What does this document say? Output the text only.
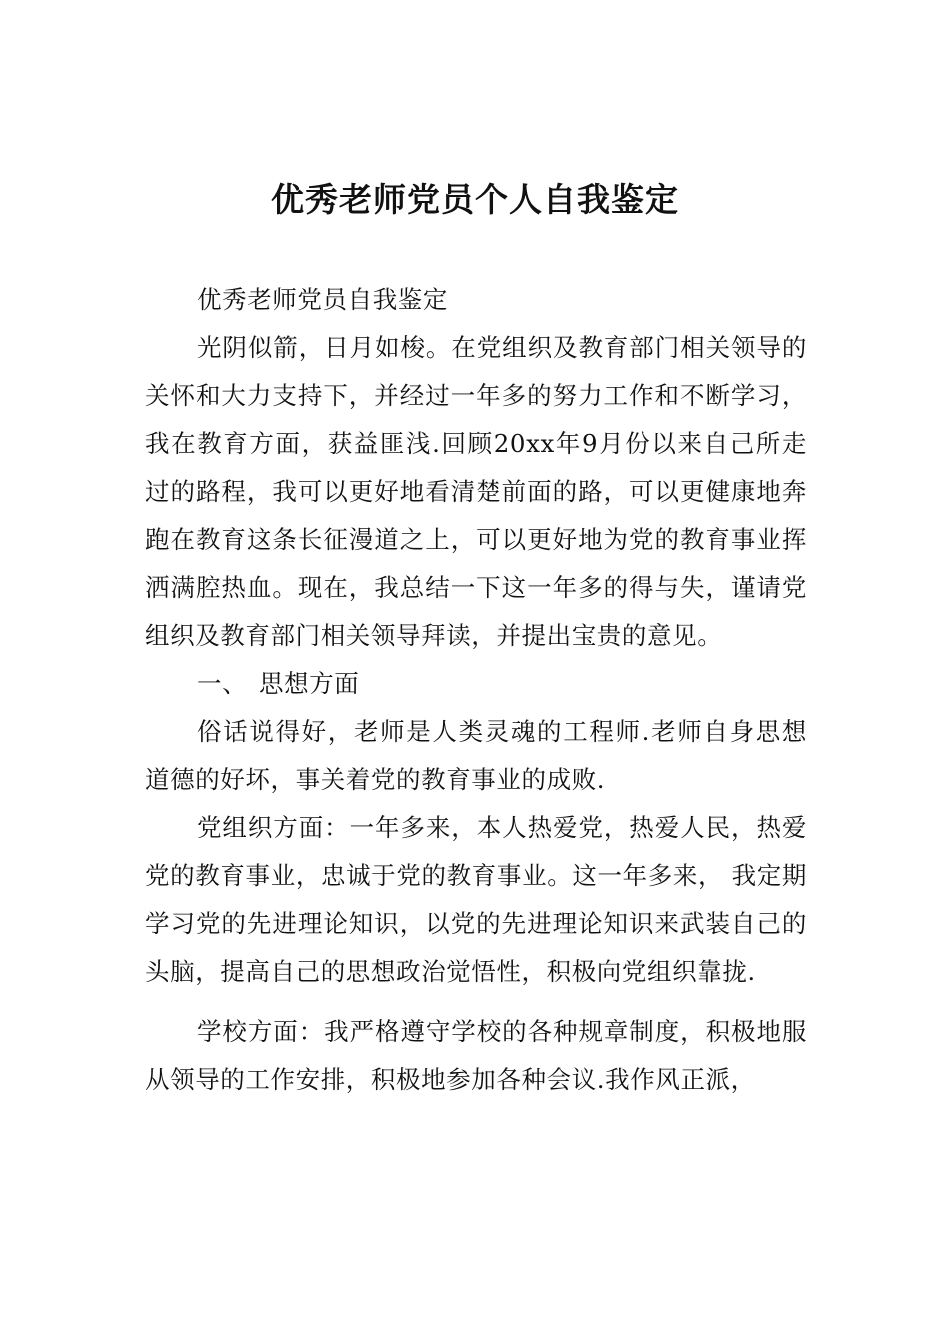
优秀老师党员个人自我鉴定

优秀老师党员自我鉴定

光阴似箭，日月如梭。在党组织及教育部门相关领导的关怀和大力支持下，并经过一年多的努力工作和不断学习，我在教育方面，获益匪浅.回顾20xx年9月份以来自己所走过的路程，我可以更好地看清楚前面的路，可以更健康地奔跑在教育这条长征漫道之上，可以更好地为党的教育事业挥洒满腔热血。现在，我总结一下这一年多的得与失，谨请党组织及教育部门相关领导拜读，并提出宝贵的意见。

一、 思想方面

俗话说得好，老师是人类灵魂的工程师.老师自身思想道德的好坏，事关着党的教育事业的成败.

党组织方面：一年多来，本人热爱党，热爱人民，热爱党的教育事业，忠诚于党的教育事业。这一年多来， 我定期学习党的先进理论知识，以党的先进理论知识来武装自己的头脑，提高自己的思想政治觉悟性，积极向党组织靠拢.

学校方面：我严格遵守学校的各种规章制度，积极地服从领导的工作安排，积极地参加各种会议.我作风正派，
